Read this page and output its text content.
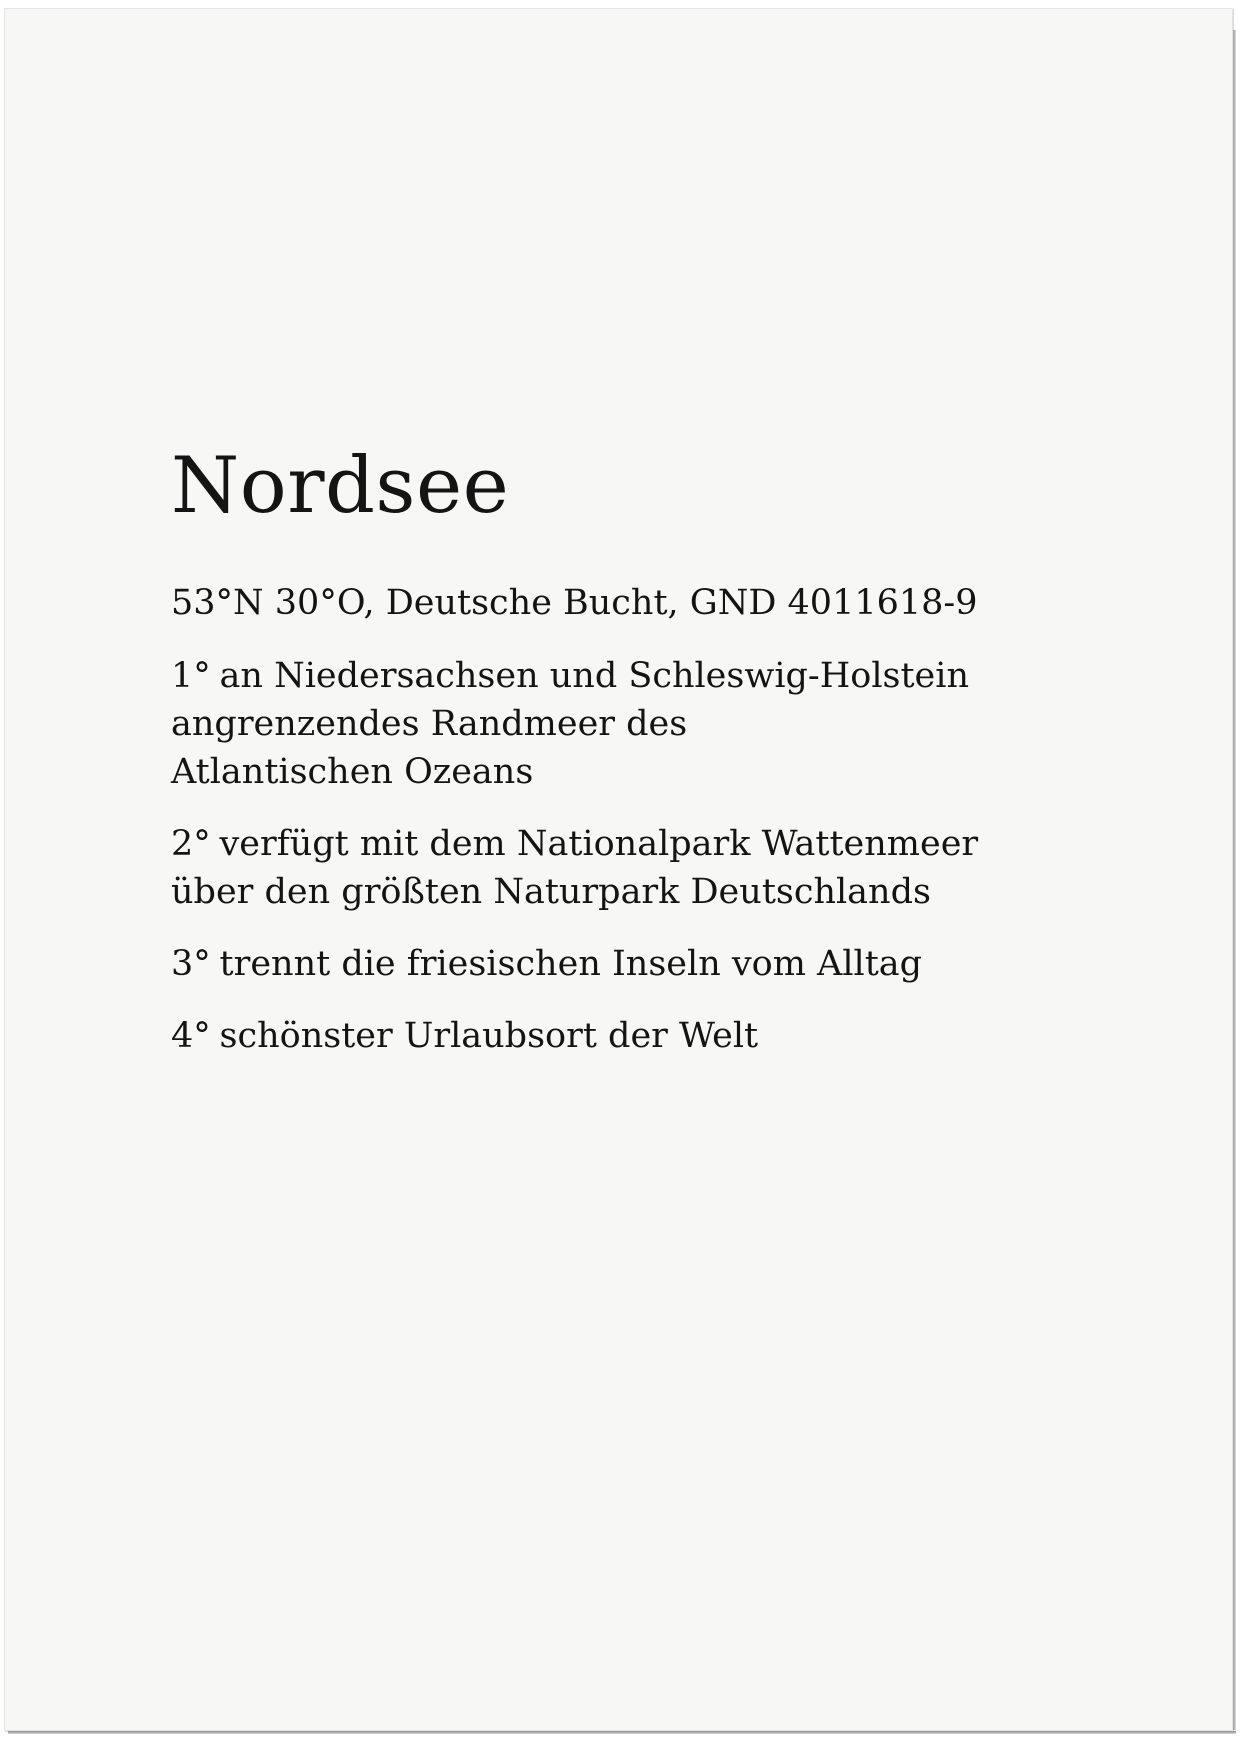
Nordsee

53°N 30°O, Deutsche Bucht, GND 4011618-9

1° an Niedersachsen und Schleswig-Holstein
angrenzendes Randmeer des
Atlantischen Ozeans

2° verfügt mit dem Nationalpark Wattenmeer
über den größten Naturpark Deutschlands

3° trennt die friesischen Inseln vom Alltag

4° schönster Urlaubsort der Welt
